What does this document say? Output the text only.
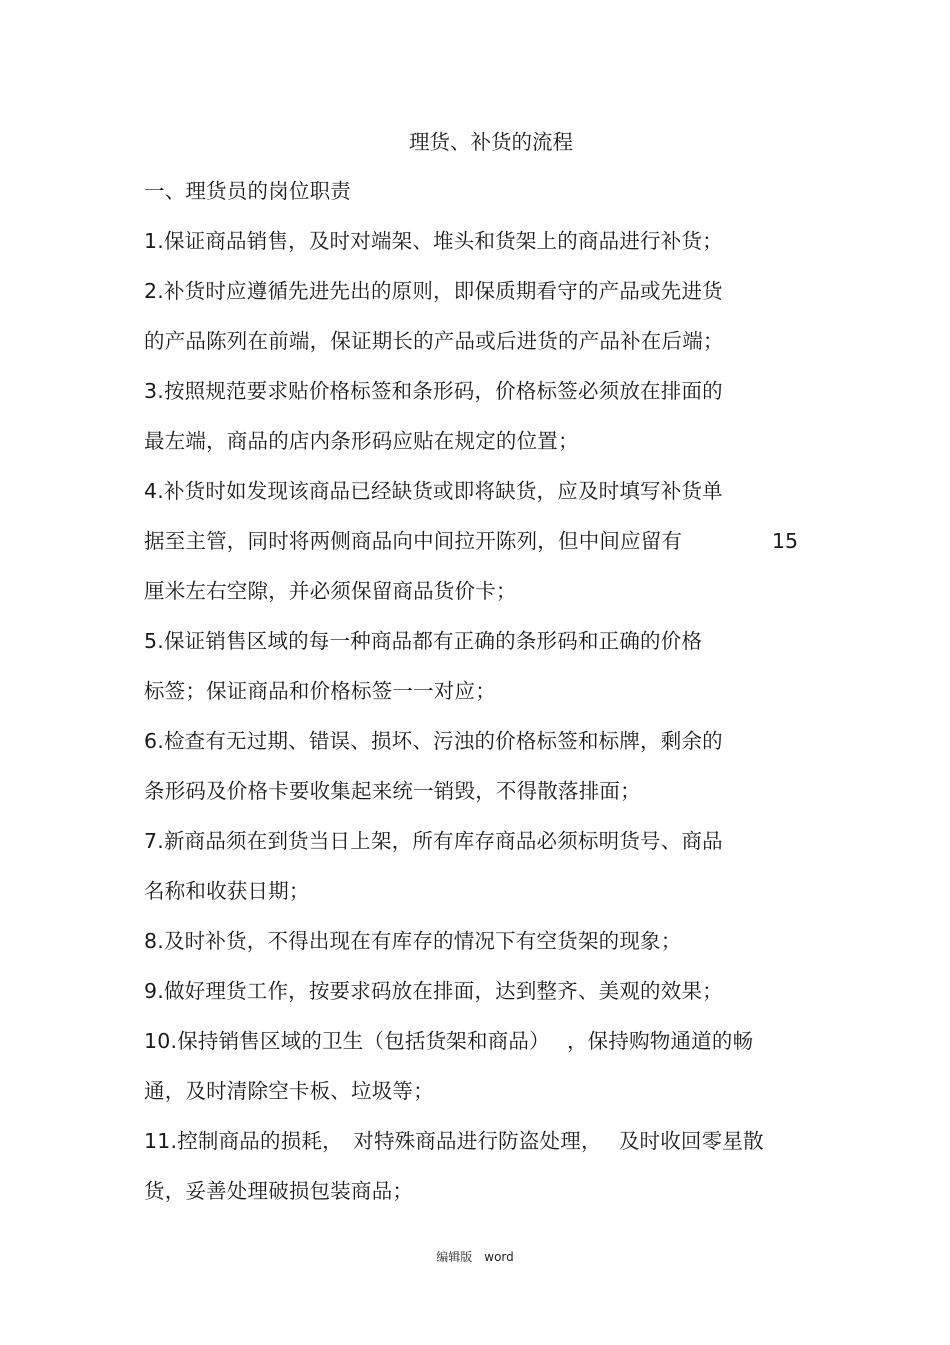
理货、补货的流程
一、理货员的岗位职责
1.保证商品销售，及时对端架、堆头和货架上的商品进行补货；
2.补货时应遵循先进先出的原则，即保质期看守的产品或先进货
的产品陈列在前端，保证期长的产品或后进货的产品补在后端；
3.按照规范要求贴价格标签和条形码，价格标签必须放在排面的
最左端，商品的店内条形码应贴在规定的位置；
4.补货时如发现该商品已经缺货或即将缺货，应及时填写补货单
据至主管，同时将两侧商品向中间拉开陈列，但中间应留有	15
厘米左右空隙，并必须保留商品货价卡；
5.保证销售区域的每一种商品都有正确的条形码和正确的价格
标签；保证商品和价格标签一一对应；
6.检查有无过期、错误、损坏、污浊的价格标签和标牌，剩余的
条形码及价格卡要收集起来统一销毁，不得散落排面；
7.新商品须在到货当日上架，所有库存商品必须标明货号、商品
名称和收获日期；
8.及时补货，不得出现在有库存的情况下有空货架的现象；
9.做好理货工作，按要求码放在排面，达到整齐、美观的效果；
10.保持销售区域的卫生（包括货架和商品）　 ，保持购物通道的畅
通，及时清除空卡板、垃圾等；
11.控制商品的损耗，　对特殊商品进行防盗处理，　 及时收回零星散
货，妥善处理破损包装商品；
编辑版　word
